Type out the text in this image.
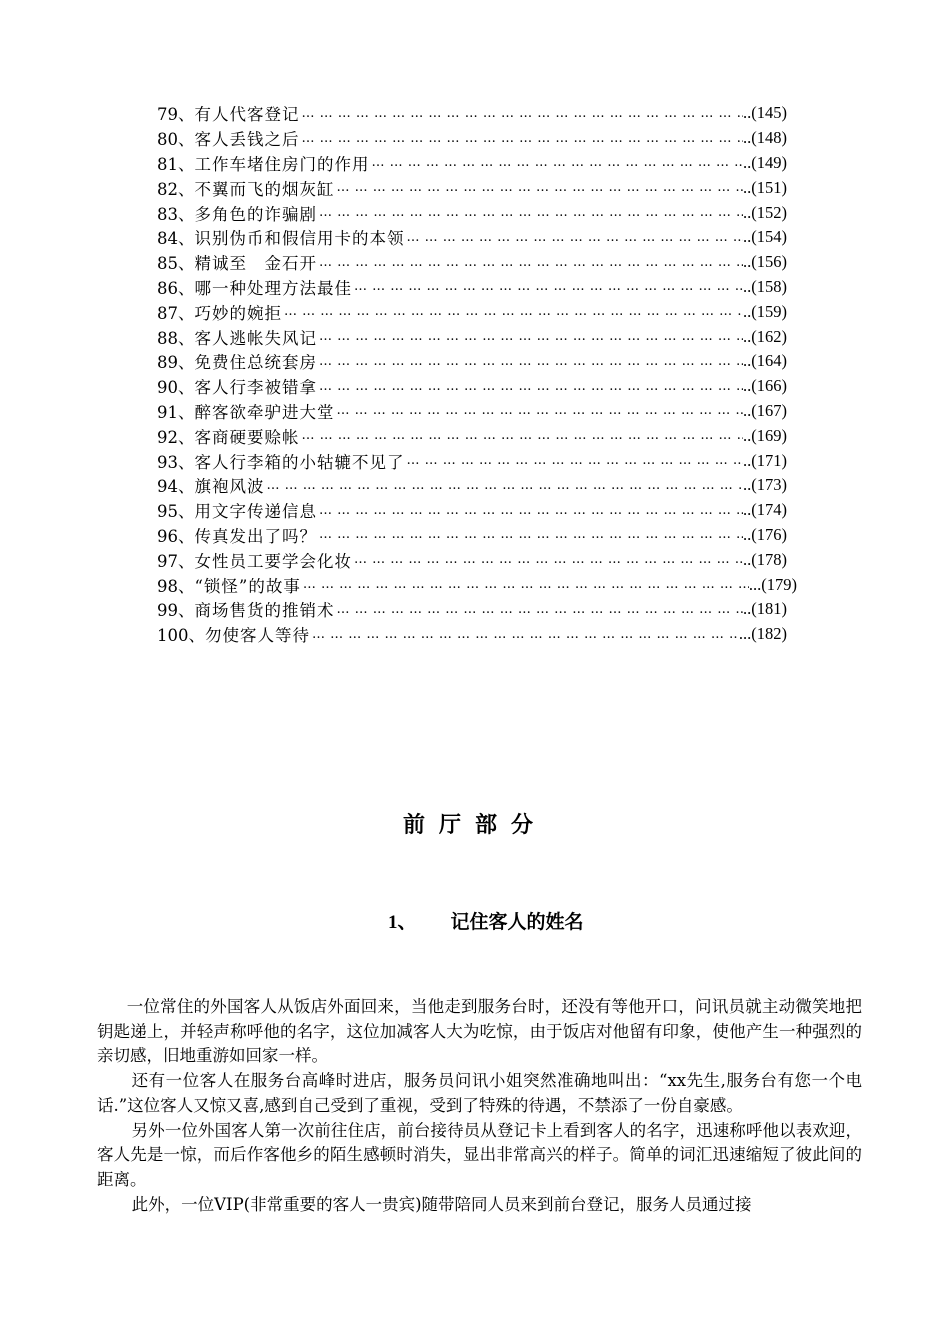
79、 有人代客登记 … … … … … … … … … … … … … … … … … … … … … … … … … … … … … … … … … … … … … … … … … … … … … … … … … … … … … … … … … … … … … … … …	..(145)
80、 客人丢钱之后 … … … … … … … … … … … … … … … … … … … … … … … … … … … … … … … … … … … … … … … … … … … … … … … … … … … … … … … … … … … … … … … …	..(148)
81、 工作车堵住房门的作用 … … … … … … … … … … … … … … … … … … … … … … … … … … … … … … … … … … … … … … … … … … … … … … … … … … … … … … … … … … … … … … … …	..(149)
82、 不翼而飞的烟灰缸 … … … … … … … … … … … … … … … … … … … … … … … … … … … … … … … … … … … … … … … … … … … … … … … … … … … … … … … … … … … … … … … …	..(151)
83、 多角色的诈骗剧 … … … … … … … … … … … … … … … … … … … … … … … … … … … … … … … … … … … … … … … … … … … … … … … … … … … … … … … … … … … … … … … …	..(152)
84、 识别伪币和假信用卡的本领 … … … … … … … … … … … … … … … … … … … … … … … … … … … … … … … … … … … … … … … … … … … … … … … … … … … … … … … … … … … … … … … …	..(154)
85、 精诚至　金石开 … … … … … … … … … … … … … … … … … … … … … … … … … … … … … … … … … … … … … … … … … … … … … … … … … … … … … … … … … … … … … … … …	..(156)
86、 哪一种处理方法最佳 … … … … … … … … … … … … … … … … … … … … … … … … … … … … … … … … … … … … … … … … … … … … … … … … … … … … … … … … … … … … … … … …	..(158)
87、 巧妙的婉拒 … … … … … … … … … … … … … … … … … … … … … … … … … … … … … … … … … … … … … … … … … … … … … … … … … … … … … … … … … … … … … … … …	..(159)
88、 客人逃帐失风记 … … … … … … … … … … … … … … … … … … … … … … … … … … … … … … … … … … … … … … … … … … … … … … … … … … … … … … … … … … … … … … … …	..(162)
89、 免费住总统套房 … … … … … … … … … … … … … … … … … … … … … … … … … … … … … … … … … … … … … … … … … … … … … … … … … … … … … … … … … … … … … … … …	..(164)
90、 客人行李被错拿 … … … … … … … … … … … … … … … … … … … … … … … … … … … … … … … … … … … … … … … … … … … … … … … … … … … … … … … … … … … … … … … …	..(166)
91、 醉客欲牵驴进大堂 … … … … … … … … … … … … … … … … … … … … … … … … … … … … … … … … … … … … … … … … … … … … … … … … … … … … … … … … … … … … … … … …	..(167)
92、 客商硬要赊帐 … … … … … … … … … … … … … … … … … … … … … … … … … … … … … … … … … … … … … … … … … … … … … … … … … … … … … … … … … … … … … … … …	..(169)
93、 客人行李箱的小轱辘不见了 … … … … … … … … … … … … … … … … … … … … … … … … … … … … … … … … … … … … … … … … … … … … … … … … … … … … … … … … … … … … … … … …	..(171)
94、 旗袍风波 … … … … … … … … … … … … … … … … … … … … … … … … … … … … … … … … … … … … … … … … … … … … … … … … … … … … … … … … … … … … … … … …	..(173)
95、 用文字传递信息 … … … … … … … … … … … … … … … … … … … … … … … … … … … … … … … … … … … … … … … … … … … … … … … … … … … … … … … … … … … … … … … …	..(174)
96、 传真发出了吗？ … … … … … … … … … … … … … … … … … … … … … … … … … … … … … … … … … … … … … … … … … … … … … … … … … … … … … … … … … … … … … … … …	..(176)
97、 女性员工要学会化妆 … … … … … … … … … … … … … … … … … … … … … … … … … … … … … … … … … … … … … … … … … … … … … … … … … … … … … … … … … … … … … … … …	..(178)
98、 “锁怪”的故事 … … … … … … … … … … … … … … … … … … … … … … … … … … … … … … … … … … … … … … … … … … … … … … … … … … … … … … … … … … … … … … … …	...(179)
99、 商场售货的推销术 … … … … … … … … … … … … … … … … … … … … … … … … … … … … … … … … … … … … … … … … … … … … … … … … … … … … … … … … … … … … … … … …	..(181)
100、 勿使客人等待 … … … … … … … … … … … … … … … … … … … … … … … … … … … … … … … … … … … … … … … … … … … … … … … … … … … … … … … … … … … … … … … …	...(182)
前厅部分
1、 记住客人的姓名

一位常住的外国客人从饭店外面回来，当他走到服务台时，还没有等他开口，问讯员就主动微笑地把钥匙递上，并轻声称呼他的名字，这位加减客人大为吃惊，由于饭店对他留有印象，使他产生一种强烈的亲切感，旧地重游如回家一样。

还有一位客人在服务台高峰时进店，服务员问讯小姐突然准确地叫出：“xx先生,服务台有您一个电话.”这位客人又惊又喜,感到自己受到了重视，受到了特殊的待遇，不禁添了一份自豪感。

另外一位外国客人第一次前往住店，前台接待员从登记卡上看到客人的名字，迅速称呼他以表欢迎，客人先是一惊，而后作客他乡的陌生感顿时消失，显出非常高兴的样子。简单的词汇迅速缩短了彼此间的距离。

此外，一位VIP(非常重要的客人一贵宾)随带陪同人员来到前台登记，服务人员通过接
